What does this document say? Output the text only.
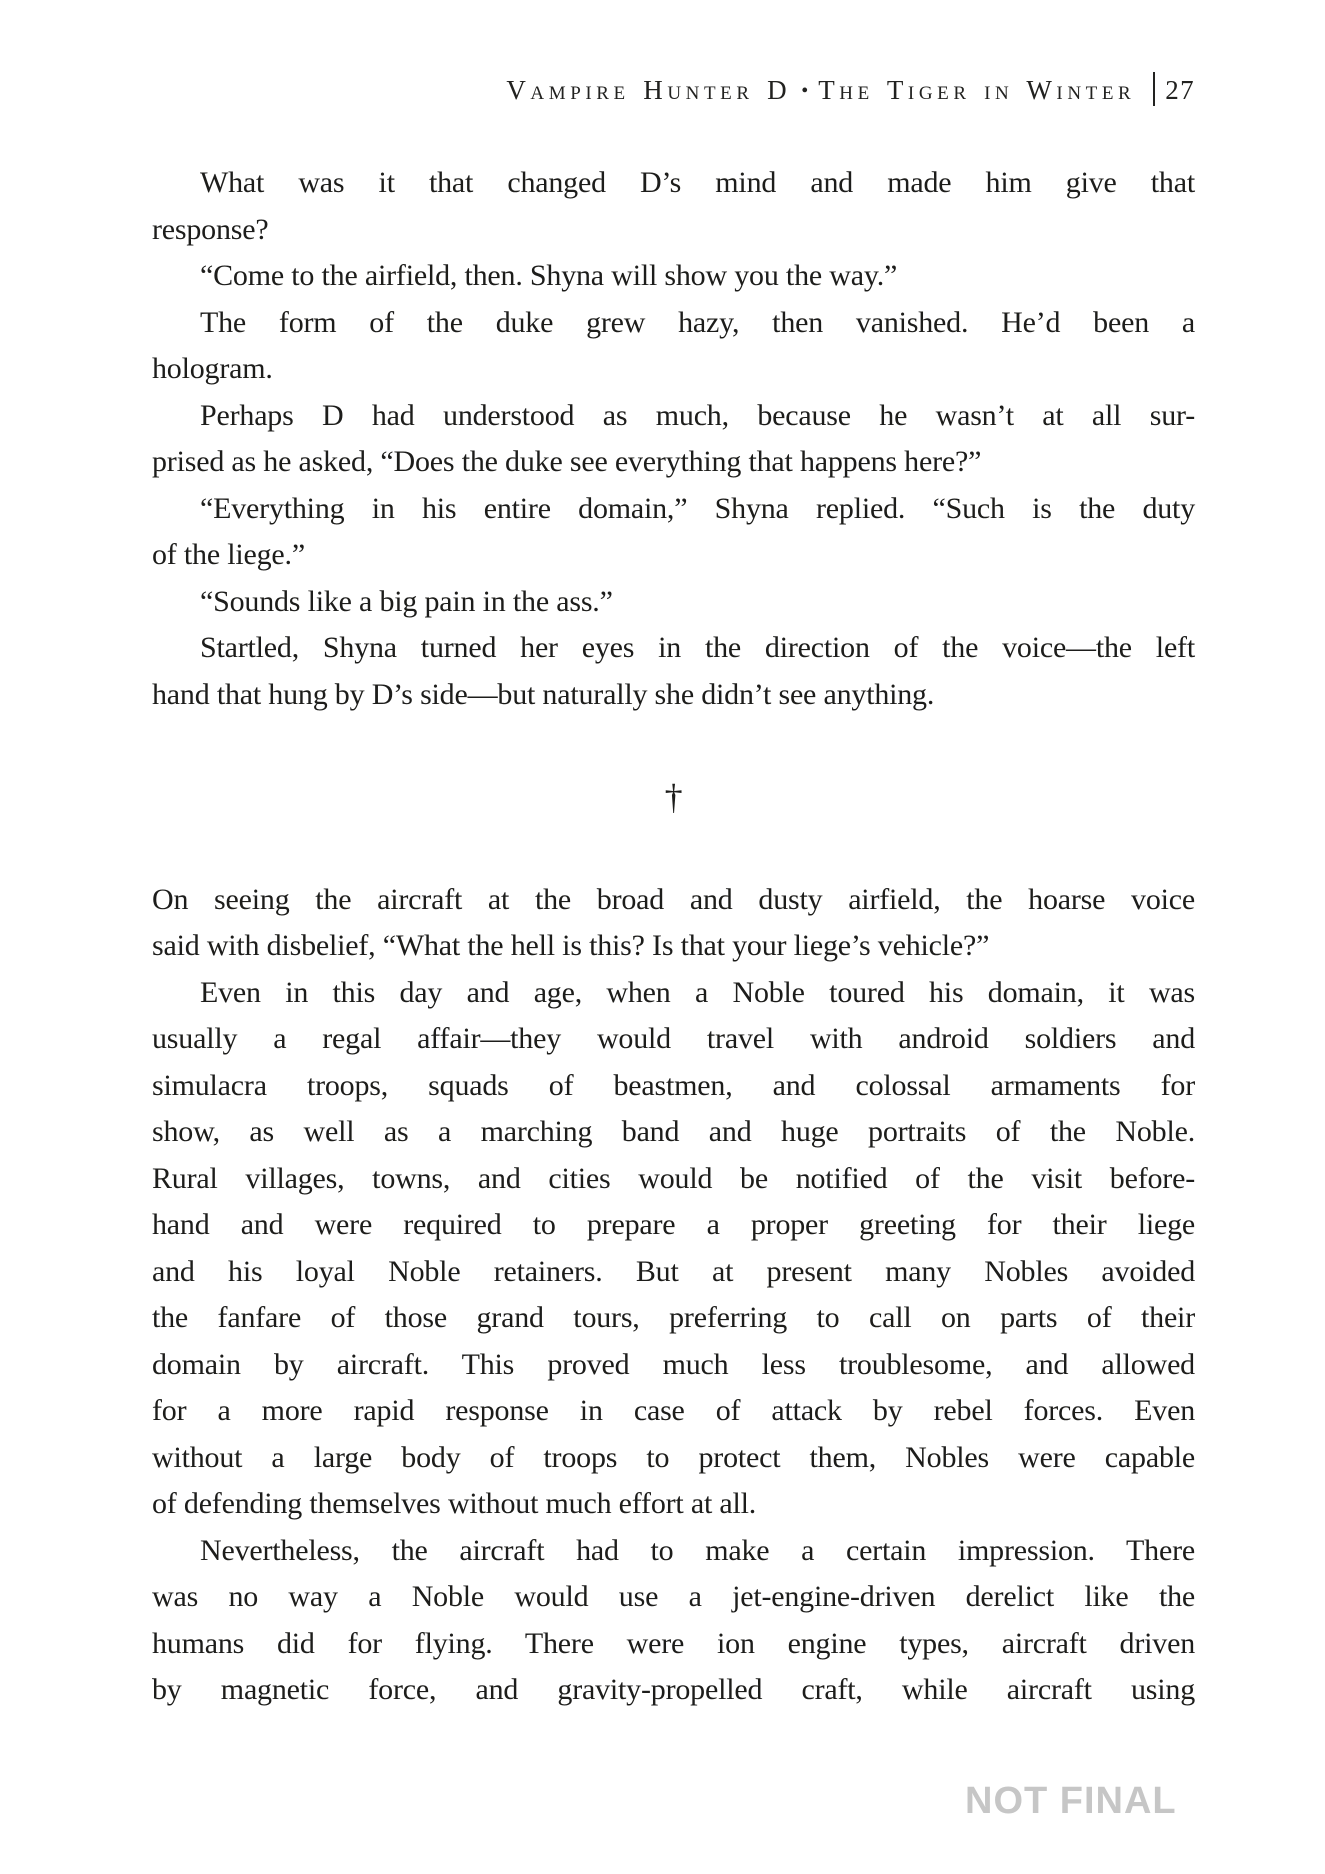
Vampire Hunter D • The Tiger in Winter 27
What was it that changed D’s mind and made him give that
response?
“Come to the airfield, then. Shyna will show you the way.”
The form of the duke grew hazy, then vanished. He’d been a
hologram.
Perhaps D had understood as much, because he wasn’t at all sur-
prised as he asked, “Does the duke see everything that happens here?”
“Everything in his entire domain,” Shyna replied. “Such is the duty
of the liege.”
“Sounds like a big pain in the ass.”
Startled, Shyna turned her eyes in the direction of the voice—the left
hand that hung by D’s side—but naturally she didn’t see anything.
†
On seeing the aircraft at the broad and dusty airfield, the hoarse voice
said with disbelief, “What the hell is this? Is that your liege’s vehicle?”
Even in this day and age, when a Noble toured his domain, it was
usually a regal affair—they would travel with android soldiers and
simulacra troops, squads of beastmen, and colossal armaments for
show, as well as a marching band and huge portraits of the Noble.
Rural villages, towns, and cities would be notified of the visit before-
hand and were required to prepare a proper greeting for their liege
and his loyal Noble retainers. But at present many Nobles avoided
the fanfare of those grand tours, preferring to call on parts of their
domain by aircraft. This proved much less troublesome, and allowed
for a more rapid response in case of attack by rebel forces. Even
without a large body of troops to protect them, Nobles were capable
of defending themselves without much effort at all.
Nevertheless, the aircraft had to make a certain impression. There
was no way a Noble would use a jet-engine-driven derelict like the
humans did for flying. There were ion engine types, aircraft driven
by magnetic force, and gravity-propelled craft, while aircraft using
NOT FINAL
